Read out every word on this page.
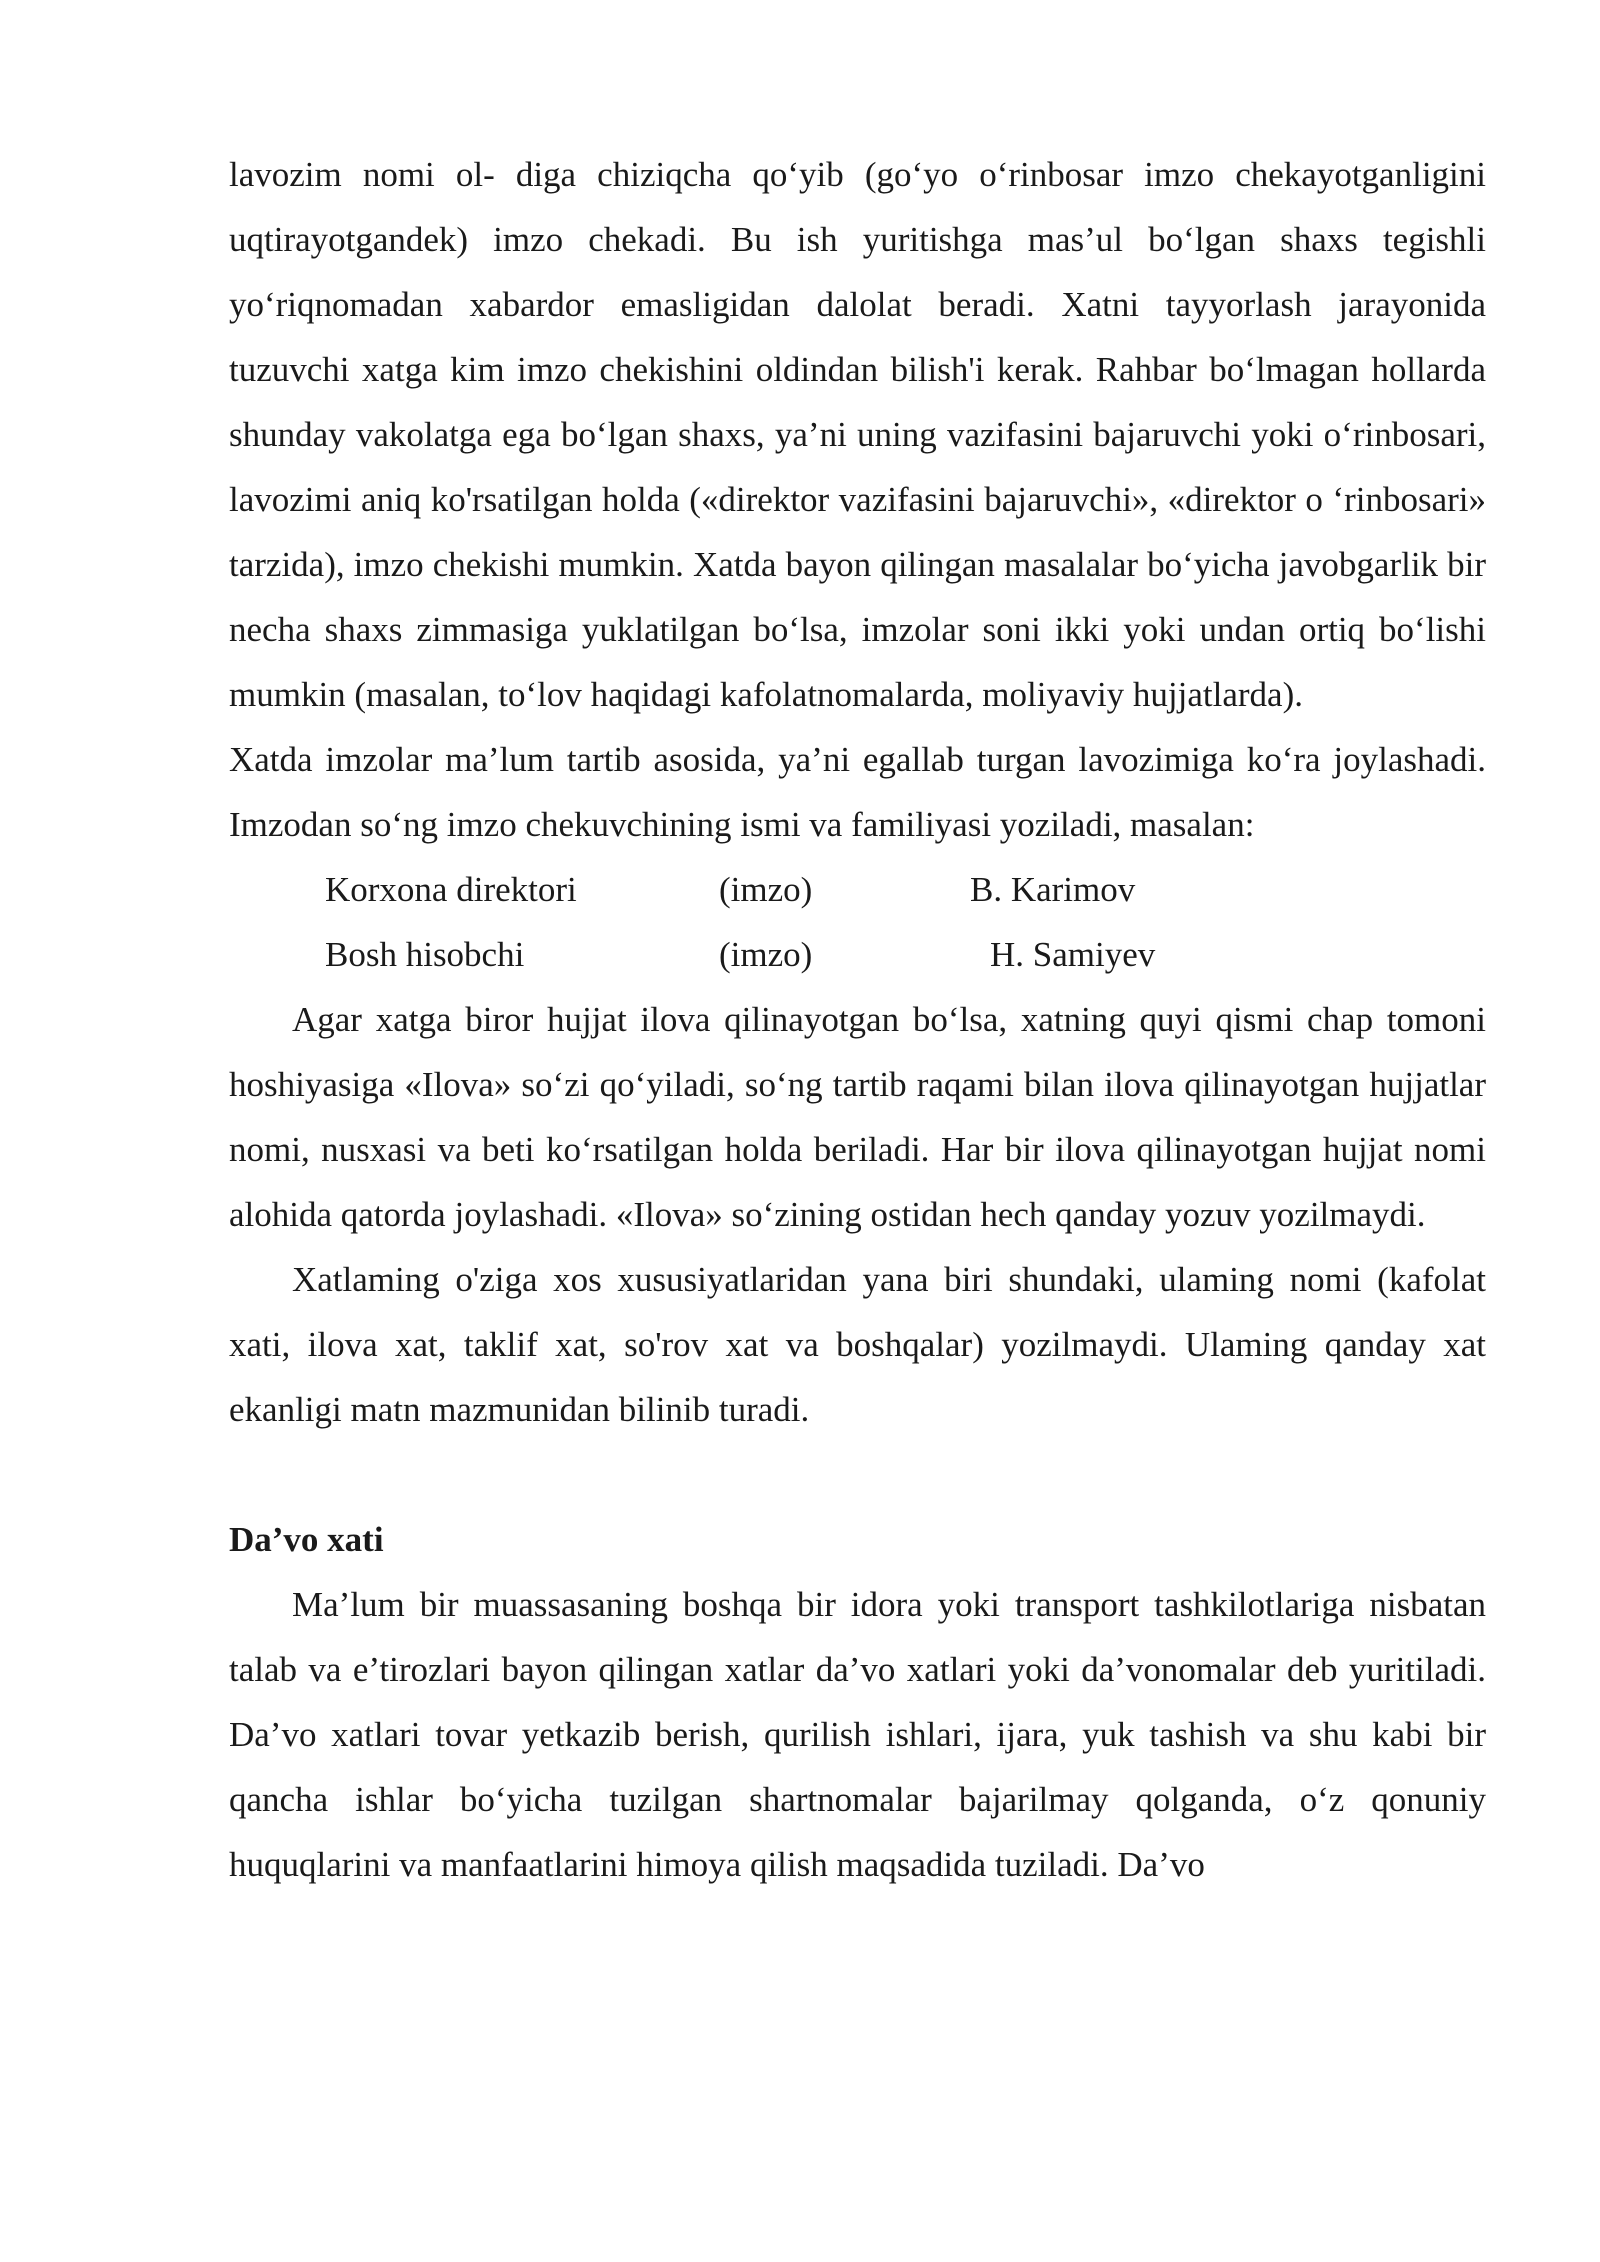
lavozim nomi ol- diga chiziqcha qo‘yib (go‘yo o‘rinbosar imzo chekayotganligini uqtirayotgandek) imzo chekadi. Bu ish yuritishga mas’ul bo‘lgan shaxs tegishli yo‘riqnomadan xabardor emasligidan dalolat beradi. Xatni tayyorlash jarayonida tuzuvchi xatga kim imzo chekishini oldindan bilish'i kerak. Rahbar bo‘lmagan hollarda shunday vakolatga ega bo‘lgan shaxs, ya’ni uning vazifasini bajaruvchi yoki o‘rinbosari, lavozimi aniq ko'rsatilgan holda («direktor vazifasini bajaruvchi», «direktor o ‘rinbosari» tarzida), imzo chekishi mumkin. Xatda bayon qilingan masalalar bo‘yicha javobgarlik bir necha shaxs zimmasiga yuklatilgan bo‘lsa, imzolar soni ikki yoki undan ortiq bo‘lishi mumkin (masalan, to‘lov haqidagi kafolatnomalarda, moliyaviy hujjatlarda).

Xatda imzolar ma’lum tartib asosida, ya’ni egallab turgan lavozimiga ko‘ra joylashadi. Imzodan so‘ng imzo chekuvchining ismi va familiyasi yoziladi, masalan:

Korxona direktori	(imzo)	B. Karimov
Bosh hisobchi	(imzo)	H. Samiyev

Agar xatga biror hujjat ilova qilinayotgan bo‘lsa, xatning quyi qismi chap tomoni hoshiyasiga «Ilova» so‘zi qo‘yiladi, so‘ng tartib raqami bilan ilova qilinayotgan hujjatlar nomi, nusxasi va beti ko‘rsatilgan holda beriladi. Har bir ilova qilinayotgan hujjat nomi alohida qatorda joylashadi. «Ilova» so‘zining ostidan hech qanday yozuv yozilmaydi.

Xatlaming o'ziga xos xususiyatlaridan yana biri shundaki, ulaming nomi (kafolat xati, ilova xat, taklif xat, so'rov xat va boshqalar) yozilmaydi. Ulaming qanday xat ekanligi matn mazmunidan bilinib turadi.

Da’vo xati

Ma’lum bir muassasaning boshqa bir idora yoki transport tashkilotlariga nisbatan talab va e’tirozlari bayon qilingan xatlar da’vo xatlari yoki da’vonomalar deb yuritiladi. Da’vo xatlari tovar yetkazib berish, qurilish ishlari, ijara, yuk tashish va shu kabi bir qancha ishlar bo‘yicha tuzilgan shartnomalar bajarilmay qolganda, o‘z qonuniy huquqlarini va manfaatlarini himoya qilish maqsadida tuziladi. Da’vo
